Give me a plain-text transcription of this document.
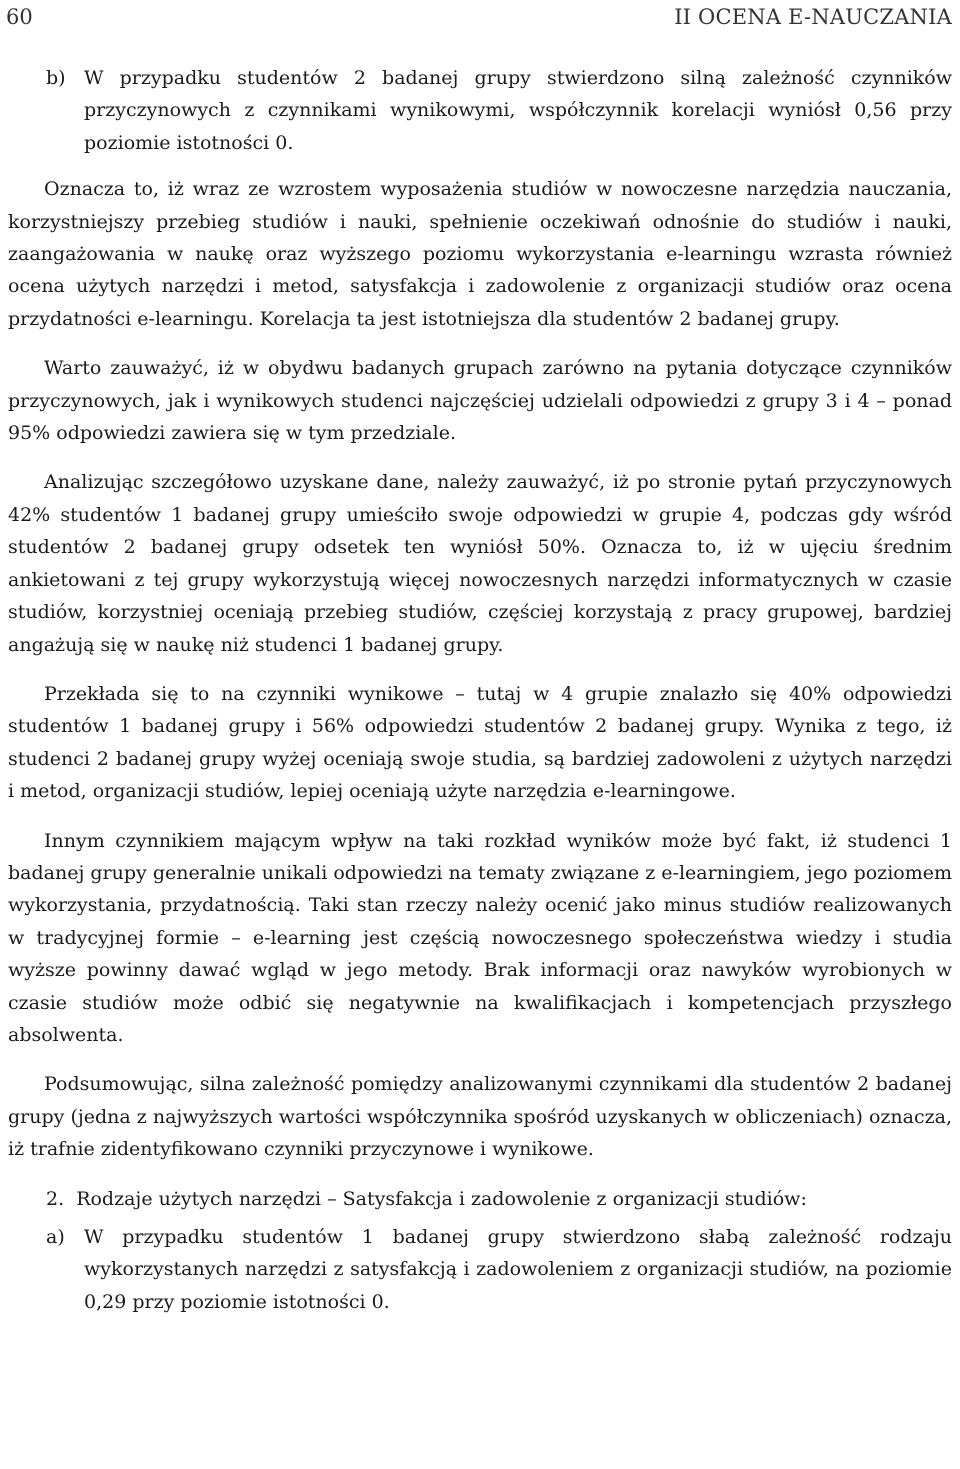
60	II OCENA E-NAUCZANIA
b) W przypadku studentów 2 badanej grupy stwierdzono silną zależność czynników przyczynowych z czynnikami wynikowymi, współczynnik korelacji wyniósł 0,56 przy poziomie istotności 0.

Oznacza to, iż wraz ze wzrostem wyposażenia studiów w nowoczesne narzędzia nauczania, korzystniejszy przebieg studiów i nauki, spełnienie oczekiwań odnośnie do studiów i nauki, zaangażowania w naukę oraz wyższego poziomu wykorzystania e-learningu wzrasta również ocena użytych narzędzi i metod, satysfakcja i zadowolenie z organizacji studiów oraz ocena przydatności e-learningu. Korelacja ta jest istotniejsza dla studentów 2 badanej grupy.

Warto zauważyć, iż w obydwu badanych grupach zarówno na pytania dotyczące czynników przyczynowych, jak i wynikowych studenci najczęściej udzielali odpowiedzi z grupy 3 i 4 – ponad 95% odpowiedzi zawiera się w tym przedziale.

Analizując szczegółowo uzyskane dane, należy zauważyć, iż po stronie pytań przyczynowych 42% studentów 1 badanej grupy umieściło swoje odpowiedzi w grupie 4, podczas gdy wśród studentów 2 badanej grupy odsetek ten wyniósł 50%. Oznacza to, iż w ujęciu średnim ankietowani z tej grupy wykorzystują więcej nowoczesnych narzędzi informatycznych w czasie studiów, korzystniej oceniają przebieg studiów, częściej korzystają z pracy grupowej, bardziej angażują się w naukę niż studenci 1 badanej grupy.

Przekłada się to na czynniki wynikowe – tutaj w 4 grupie znalazło się 40% odpowiedzi studentów 1 badanej grupy i 56% odpowiedzi studentów 2 badanej grupy. Wynika z tego, iż studenci 2 badanej grupy wyżej oceniają swoje studia, są bardziej zadowoleni z użytych narzędzi i metod, organizacji studiów, lepiej oceniają użyte narzędzia e-learningowe.

Innym czynnikiem mającym wpływ na taki rozkład wyników może być fakt, iż studenci 1 badanej grupy generalnie unikali odpowiedzi na tematy związane z e-learningiem, jego poziomem wykorzystania, przydatnością. Taki stan rzeczy należy ocenić jako minus studiów realizowanych w tradycyjnej formie – e-learning jest częścią nowoczesnego społeczeństwa wiedzy i studia wyższe powinny dawać wgląd w jego metody. Brak informacji oraz nawyków wyrobionych w czasie studiów może odbić się negatywnie na kwalifikacjach i kompetencjach przyszłego absolwenta.

Podsumowując, silna zależność pomiędzy analizowanymi czynnikami dla studentów 2 badanej grupy (jedna z najwyższych wartości współczynnika spośród uzyskanych w obliczeniach) oznacza, iż trafnie zidentyfikowano czynniki przyczynowe i wynikowe.

2. Rodzaje użytych narzędzi – Satysfakcja i zadowolenie z organizacji studiów:
a) W przypadku studentów 1 badanej grupy stwierdzono słabą zależność rodzaju wykorzystanych narzędzi z satysfakcją i zadowoleniem z organizacji studiów, na poziomie 0,29 przy poziomie istotności 0.
